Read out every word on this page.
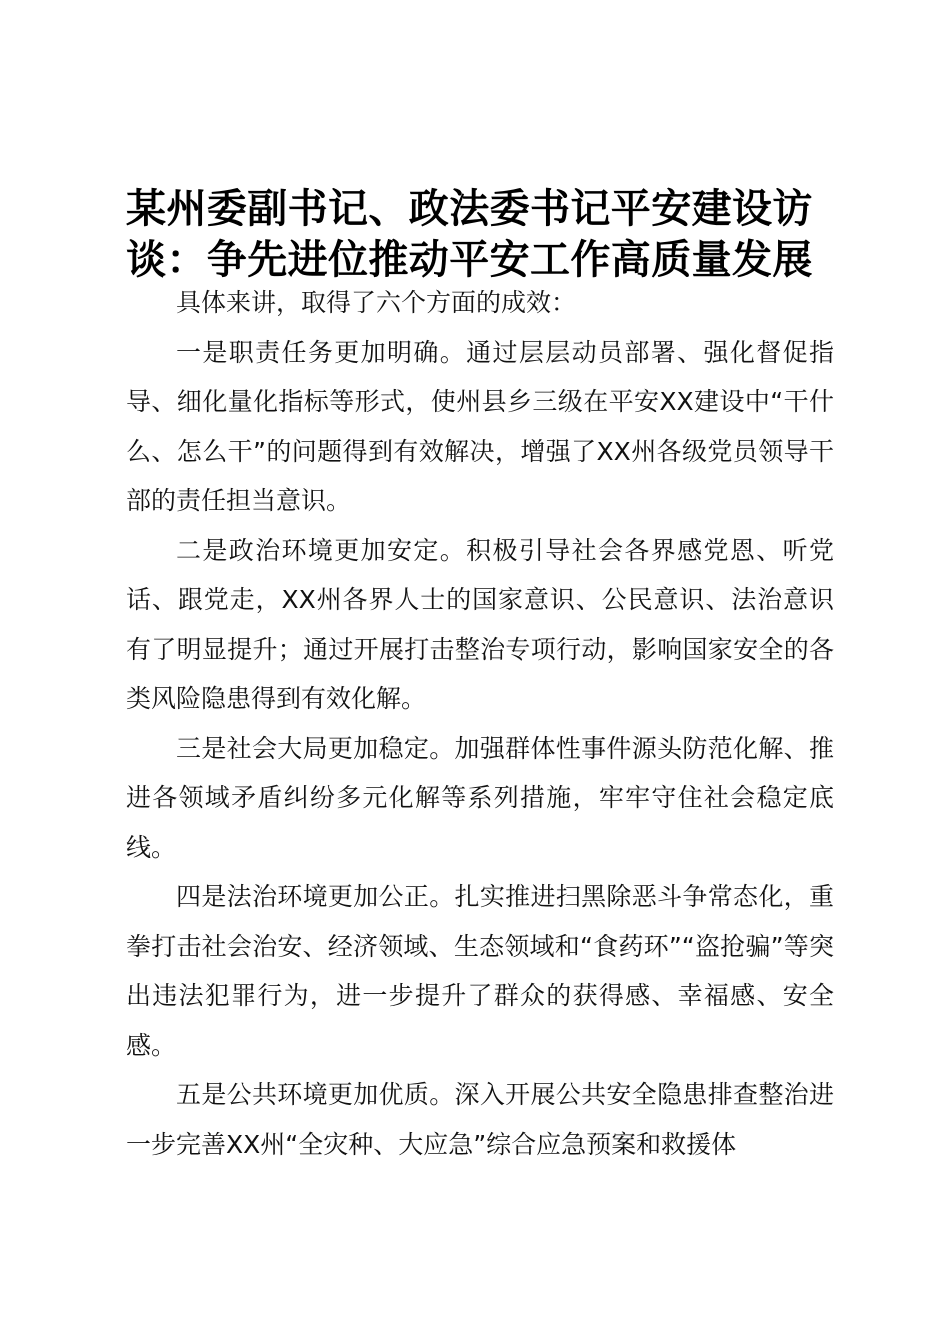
某州委副书记、政法委书记平安建设访
谈：争先进位推动平安工作高质量发展

具体来讲，取得了六个方面的成效：

一是职责任务更加明确。通过层层动员部署、强化督促指导、细化量化指标等形式，使州县乡三级在平安XX建设中“干什么、怎么干”的问题得到有效解决，增强了XX州各级党员领导干部的责任担当意识。

二是政治环境更加安定。积极引导社会各界感党恩、听党话、跟党走，XX州各界人士的国家意识、公民意识、法治意识有了明显提升；通过开展打击整治专项行动，影响国家安全的各类风险隐患得到有效化解。

三是社会大局更加稳定。加强群体性事件源头防范化解、推进各领域矛盾纠纷多元化解等系列措施，牢牢守住社会稳定底线。

四是法治环境更加公正。扎实推进扫黑除恶斗争常态化，重拳打击社会治安、经济领域、生态领域和“食药环”“盗抢骗”等突出违法犯罪行为，进一步提升了群众的获得感、幸福感、安全感。

五是公共环境更加优质。深入开展公共安全隐患排查整治进一步完善XX州“全灾种、大应急”综合应急预案和救援体
